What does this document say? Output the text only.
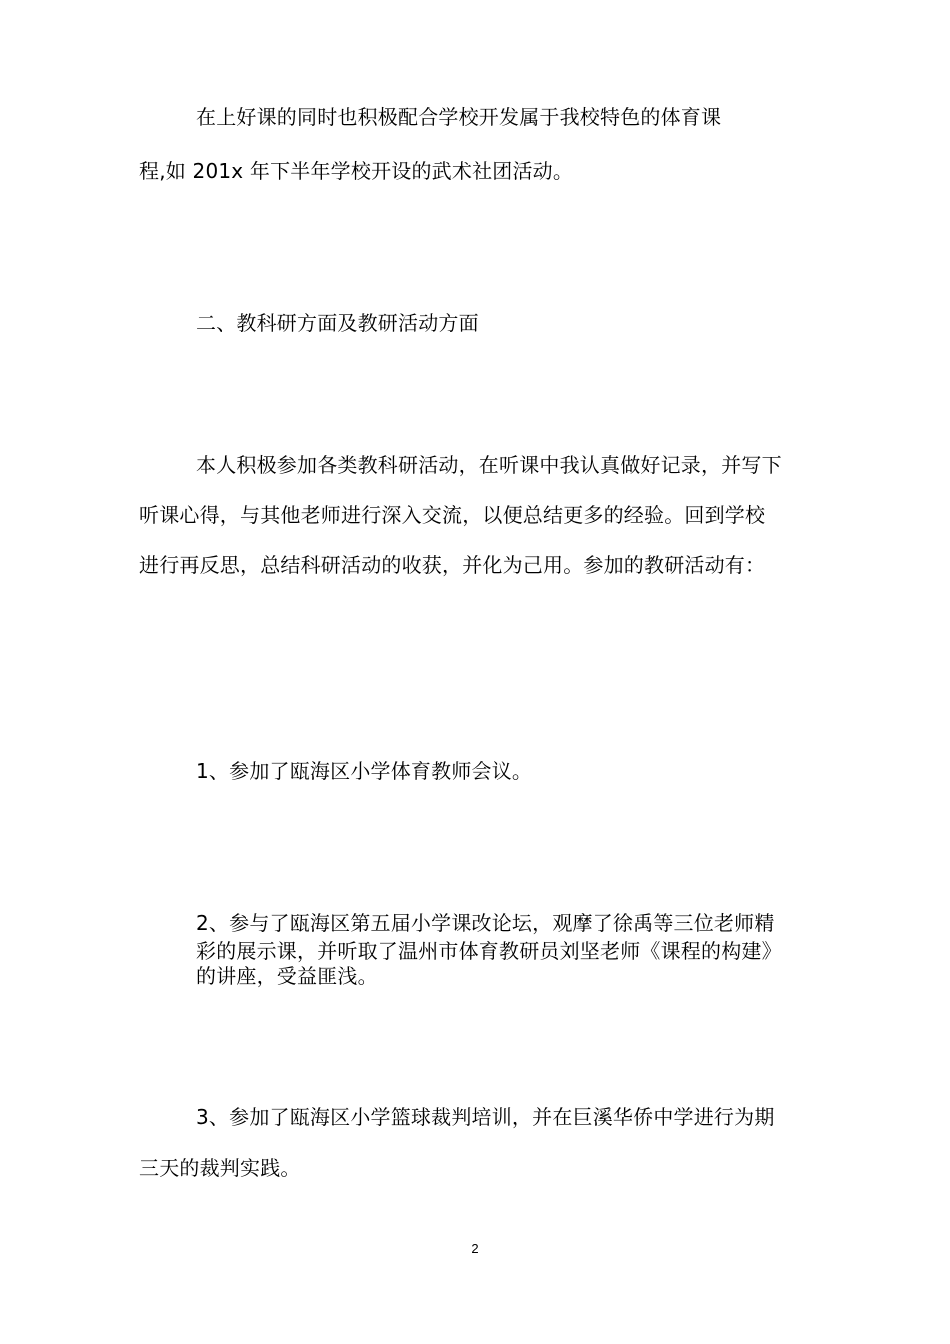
在上好课的同时也积极配合学校开发属于我校特色的体育课
程,如 201x 年下半年学校开设的武术社团活动。
二、教科研方面及教研活动方面
本人积极参加各类教科研活动，在听课中我认真做好记录，并写下
听课心得，与其他老师进行深入交流，以便总结更多的经验。回到学校
进行再反思，总结科研活动的收获，并化为己用。参加的教研活动有：
1、参加了瓯海区小学体育教师会议。
2、参与了瓯海区第五届小学课改论坛，观摩了徐禹等三位老师精
彩的展示课，并听取了温州市体育教研员刘坚老师《课程的构建》
的讲座，受益匪浅。
3、参加了瓯海区小学篮球裁判培训，并在巨溪华侨中学进行为期
三天的裁判实践。
2
